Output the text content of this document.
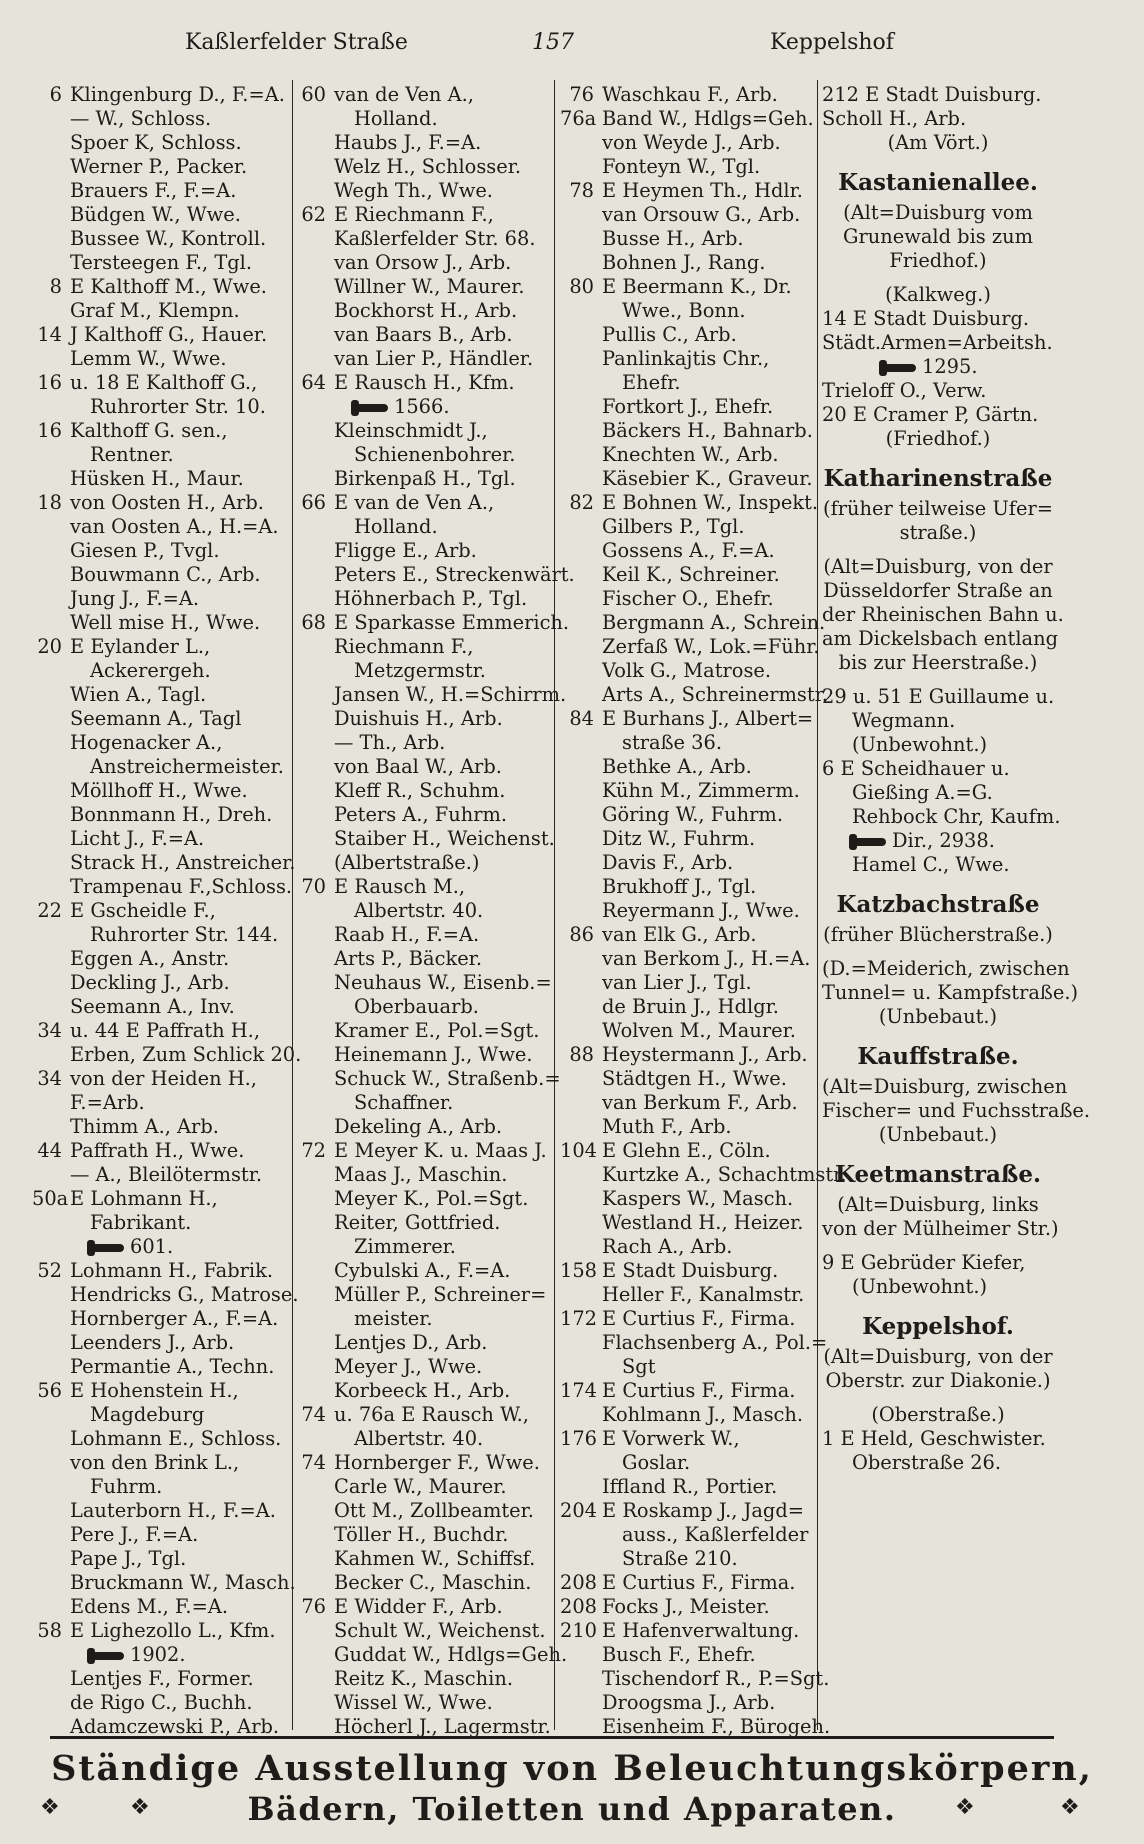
Kaßlerfelder Straße	157	Keppelshof
6 Klingenburg D., F.=A.
— W., Schloss.
Spoer K, Schloss.
Werner P., Packer.
Brauers F., F.=A.
Büdgen W., Wwe.
Bussee W., Kontroll.
Tersteegen F., Tgl.
8 E Kalthoff M., Wwe.
Graf M., Klempn.
14 J Kalthoff G., Hauer.
Lemm W., Wwe.
16 u. 18 E Kalthoff G.,
Ruhrorter Str. 10.
16 Kalthoff G. sen.,
Rentner.
Hüsken H., Maur.
18 von Oosten H., Arb.
van Oosten A., H.=A.
Giesen P., Tvgl.
Bouwmann C., Arb.
Jung J., F.=A.
Well mise H., Wwe.
20 E Eylander L.,
Ackerergeh.
Wien A., Tagl.
Seemann A., Tagl
Hogenacker A.,
Anstreichermeister.
Möllhoff H., Wwe.
Bonnmann H., Dreh.
Licht J., F.=A.
Strack H., Anstreicher.
Trampenau F.,Schloss.
22 E Gscheidle F.,
Ruhrorter Str. 144.
Eggen A., Anstr.
Deckling J., Arb.
Seemann A., Inv.
34 u. 44 E Paffrath H.,
Erben, Zum Schlick 20.
34 von der Heiden H.,
F.=Arb.
Thimm A., Arb.
44 Paffrath H., Wwe.
— A., Bleilötermstr.
50aE Lohmann H.,
Fabrikant.
601.
52 Lohmann H., Fabrik.
Hendricks G., Matrose.
Hornberger A., F.=A.
Leenders J., Arb.
Permantie A., Techn.
56 E Hohenstein H.,
Magdeburg
Lohmann E., Schloss.
von den Brink L.,
Fuhrm.
Lauterborn H., F.=A.
Pere J., F.=A.
Pape J., Tgl.
Bruckmann W., Masch.
Edens M., F.=A.
58 E Lighezollo L., Kfm.
1902.
Lentjes F., Former.
de Rigo C., Buchh.
Adamczewski P., Arb.
60 van de Ven A.,
Holland.
Haubs J., F.=A.
Welz H., Schlosser.
Wegh Th., Wwe.
62 E Riechmann F.,
Kaßlerfelder Str. 68.
van Orsow J., Arb.
Willner W., Maurer.
Bockhorst H., Arb.
van Baars B., Arb.
van Lier P., Händler.
64 E Rausch H., Kfm.
1566.
Kleinschmidt J.,
Schienenbohrer.
Birkenpaß H., Tgl.
66 E van de Ven A.,
Holland.
Fligge E., Arb.
Peters E., Streckenwärt.
Höhnerbach P., Tgl.
68 E Sparkasse Emmerich.
Riechmann F.,
Metzgermstr.
Jansen W., H.=Schirrm.
Duishuis H., Arb.
— Th., Arb.
von Baal W., Arb.
Kleff R., Schuhm.
Peters A., Fuhrm.
Staiber H., Weichenst.
(Albertstraße.)
70 E Rausch M.,
Albertstr. 40.
Raab H., F.=A.
Arts P., Bäcker.
Neuhaus W., Eisenb.=
Oberbauarb.
Kramer E., Pol.=Sgt.
Heinemann J., Wwe.
Schuck W., Straßenb.=
Schaffner.
Dekeling A., Arb.
72 E Meyer K. u. Maas J.
Maas J., Maschin.
Meyer K., Pol.=Sgt.
Reiter, Gottfried.
Zimmerer.
Cybulski A., F.=A.
Müller P., Schreiner=
meister.
Lentjes D., Arb.
Meyer J., Wwe.
Korbeeck H., Arb.
74 u. 76a E Rausch W.,
Albertstr. 40.
74 Hornberger F., Wwe.
Carle W., Maurer.
Ott M., Zollbeamter.
Töller H., Buchdr.
Kahmen W., Schiffsf.
Becker C., Maschin.
76 E Widder F., Arb.
Schult W., Weichenst.
Guddat W., Hdlgs=Geh.
Reitz K., Maschin.
Wissel W., Wwe.
Höcherl J., Lagermstr.
76 Waschkau F., Arb.
76a Band W., Hdlgs=Geh.
von Weyde J., Arb.
Fonteyn W., Tgl.
78 E Heymen Th., Hdlr.
van Orsouw G., Arb.
Busse H., Arb.
Bohnen J., Rang.
80 E Beermann K., Dr.
Wwe., Bonn.
Pullis C., Arb.
Panlinkajtis Chr.,
Ehefr.
Fortkort J., Ehefr.
Bäckers H., Bahnarb.
Knechten W., Arb.
Käsebier K., Graveur.
82 E Bohnen W., Inspekt.
Gilbers P., Tgl.
Gossens A., F.=A.
Keil K., Schreiner.
Fischer O., Ehefr.
Bergmann A., Schrein.
Zerfaß W., Lok.=Führ.
Volk G., Matrose.
Arts A., Schreinermstr.
84 E Burhans J., Albert=
straße 36.
Bethke A., Arb.
Kühn M., Zimmerm.
Göring W., Fuhrm.
Ditz W., Fuhrm.
Davis F., Arb.
Brukhoff J., Tgl.
Reyermann J., Wwe.
86 van Elk G., Arb.
van Berkom J., H.=A.
van Lier J., Tgl.
de Bruin J., Hdlgr.
Wolven M., Maurer.
88 Heystermann J., Arb.
Städtgen H., Wwe.
van Berkum F., Arb.
Muth F., Arb.
104 E Glehn E., Cöln.
Kurtzke A., Schachtmstr.
Kaspers W., Masch.
Westland H., Heizer.
Rach A., Arb.
158 E Stadt Duisburg.
Heller F., Kanalmstr.
172 E Curtius F., Firma.
Flachsenberg A., Pol.=
Sgt
174 E Curtius F., Firma.
Kohlmann J., Masch.
176 E Vorwerk W.,
Goslar.
Iffland R., Portier.
204 E Roskamp J., Jagd=
auss., Kaßlerfelder
Straße 210.
208 E Curtius F., Firma.
208 Focks J., Meister.
210 E Hafenverwaltung.
Busch F., Ehefr.
Tischendorf R., P.=Sgt.
Droogsma J., Arb.
Eisenheim F., Bürogeh.
212 E Stadt Duisburg.
Scholl H., Arb.
(Am Vört.)
Kastanienallee.
(Alt=Duisburg vom
Grunewald bis zum
Friedhof.)
(Kalkweg.)
14 E Stadt Duisburg.
Städt.Armen=Arbeitsh.
1295.
Trieloff O., Verw.
20 E Cramer P, Gärtn.
(Friedhof.)
Katharinenstraße
(früher teilweise Ufer=
straße.)
(Alt=Duisburg, von der
Düsseldorfer Straße an
der Rheinischen Bahn u.
am Dickelsbach entlang
bis zur Heerstraße.)
29 u. 51 E Guillaume u.
Wegmann.
(Unbewohnt.)
6 E Scheidhauer u.
Gießing A.=G.
Rehbock Chr, Kaufm.
Dir., 2938.
Hamel C., Wwe.
Katzbachstraße
(früher Blücherstraße.)
(D.=Meiderich, zwischen
Tunnel= u. Kampfstraße.)
(Unbebaut.)
Kauffstraße.
(Alt=Duisburg, zwischen
Fischer= und Fuchsstraße.
(Unbebaut.)
Keetmanstraße.
(Alt=Duisburg, links
von der Mülheimer Str.)
9 E Gebrüder Kiefer,
(Unbewohnt.)
Keppelshof.
(Alt=Duisburg, von der
Oberstr. zur Diakonie.)
(Oberstraße.)
1 E Held, Geschwister.
Oberstraße 26.
Ständige Ausstellung von Beleuchtungskörpern,
❖	❖	Bädern, Toiletten und Apparaten.	❖	❖
